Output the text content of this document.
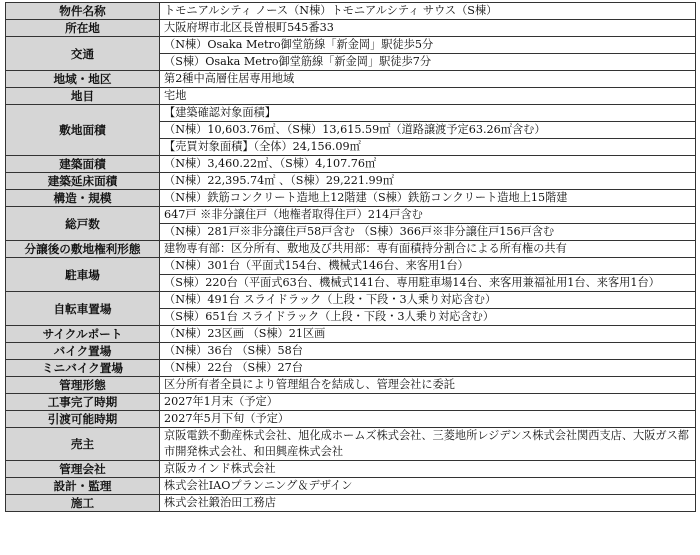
物件名称	トモニアルシティ ノース（N棟）トモニアルシティ サウス（S棟）
所在地	大阪府堺市北区長曽根町545番33
交通	（N棟）Osaka Metro御堂筋線「新金岡」駅徒歩5分
	（S棟）Osaka Metro御堂筋線「新金岡」駅徒歩7分
地域・地区	第2種中高層住居専用地域
地目	宅地
敷地面積	【建築確認対象面積】
	（N棟）10,603.76㎡、（S棟）13,615.59㎡（道路譲渡予定63.26㎡含む）
	【売買対象面積】（全体）24,156.09㎡
建築面積	（N棟）3,460.22㎡、（S棟）4,107.76㎡
建築延床面積	（N棟）22,395.74㎡ 、（S棟）29,221.99㎡
構造・規模	（N棟）鉄筋コンクリート造地上12階建（S棟）鉄筋コンクリート造地上15階建
総戸数	647戸 ※非分譲住戸（地権者取得住戸）214戸含む
	（N棟）281戸※非分譲住戸58戸含む （S棟）366戸※非分譲住戸156戸含む
分譲後の敷地権利形態	建物専有部：区分所有、敷地及び共用部：専有面積持分割合による所有権の共有
駐車場	（N棟）301台（平面式154台、機械式146台、来客用1台）
	（S棟）220台（平面式63台、機械式141台、専用駐車場14台、来客用兼福祉用1台、来客用1台）
自転車置場	（N棟）491台 スライドラック（上段・下段・3人乗り対応含む）
	（S棟）651台 スライドラック（上段・下段・3人乗り対応含む）
サイクルポート	（N棟）23区画 （S棟）21区画
バイク置場	（N棟）36台 （S棟）58台
ミニバイク置場	（N棟）22台 （S棟）27台
管理形態	区分所有者全員により管理組合を結成し、管理会社に委託
工事完了時期	2027年1月末（予定）
引渡可能時期	2027年5月下旬（予定）
売主	京阪電鉄不動産株式会社、旭化成ホームズ株式会社、三菱地所レジデンス株式会社関西支店、大阪ガス都市開発株式会社、和田興産株式会社
管理会社	京阪カインド株式会社
設計・監理	株式会社IAOプランニング＆デザイン
施工	株式会社鍛治田工務店
